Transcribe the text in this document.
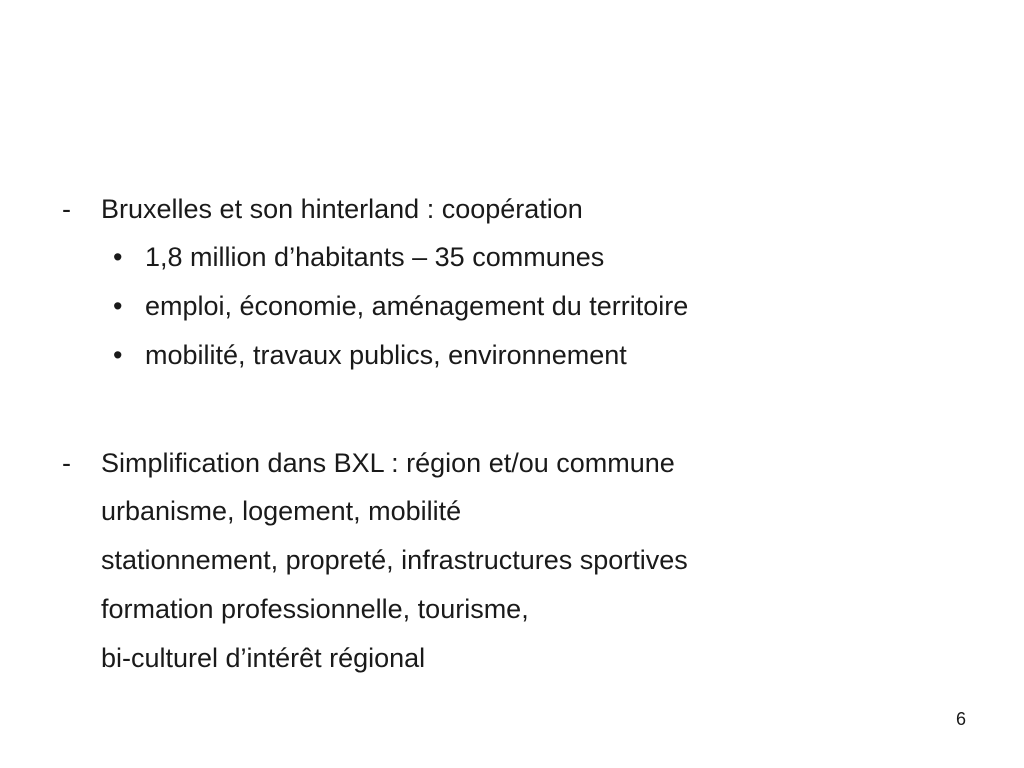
- Bruxelles et son hinterland : coopération
• 1,8 million d’habitants – 35 communes
• emploi, économie, aménagement du territoire
• mobilité, travaux publics, environnement
- Simplification dans BXL : région et/ou commune
urbanisme, logement, mobilité
stationnement, propreté, infrastructures sportives
formation professionnelle, tourisme,
bi-culturel d’intérêt régional
6
